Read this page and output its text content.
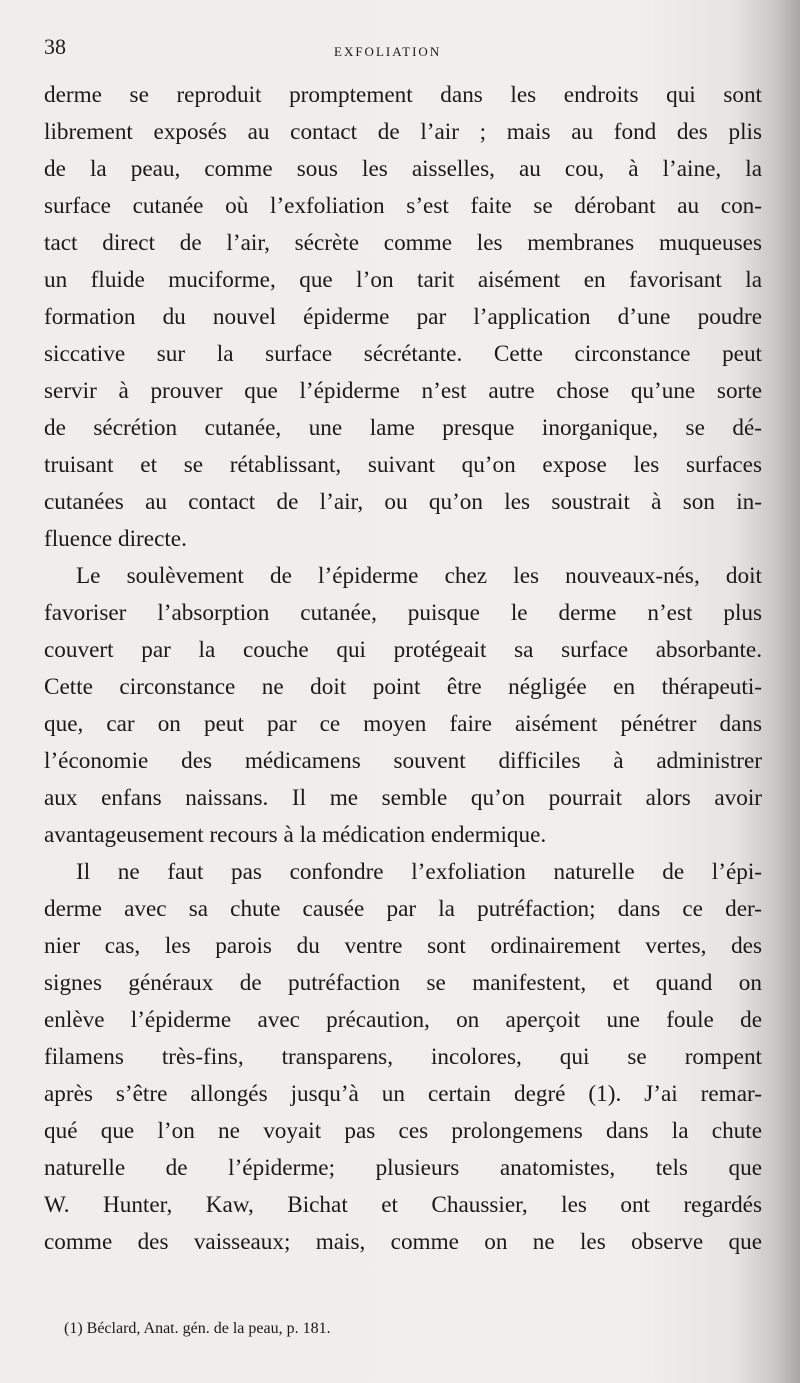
38	EXFOLIATION
derme se reproduit promptement dans les endroits qui sont
librement exposés au contact de l’air ; mais au fond des plis
de la peau, comme sous les aisselles, au cou, à l’aine, la
surface cutanée où l’exfoliation s’est faite se dérobant au con-
tact direct de l’air, sécrète comme les membranes muqueuses
un fluide muciforme, que l’on tarit aisément en favorisant la
formation du nouvel épiderme par l’application d’une poudre
siccative sur la surface sécrétante. Cette circonstance peut
servir à prouver que l’épiderme n’est autre chose qu’une sorte
de sécrétion cutanée, une lame presque inorganique, se dé-
truisant et se rétablissant, suivant qu’on expose les surfaces
cutanées au contact de l’air, ou qu’on les soustrait à son in-
fluence directe.
Le soulèvement de l’épiderme chez les nouveaux-nés, doit
favoriser l’absorption cutanée, puisque le derme n’est plus
couvert par la couche qui protégeait sa surface absorbante.
Cette circonstance ne doit point être négligée en thérapeuti-
que, car on peut par ce moyen faire aisément pénétrer dans
l’économie des médicamens souvent difficiles à administrer
aux enfans naissans. Il me semble qu’on pourrait alors avoir
avantageusement recours à la médication endermique.
Il ne faut pas confondre l’exfoliation naturelle de l’épi-
derme avec sa chute causée par la putréfaction; dans ce der-
nier cas, les parois du ventre sont ordinairement vertes, des
signes généraux de putréfaction se manifestent, et quand on
enlève l’épiderme avec précaution, on aperçoit une foule de
filamens très-fins, transparens, incolores, qui se rompent
après s’être allongés jusqu’à un certain degré (1). J’ai remar-
qué que l’on ne voyait pas ces prolongemens dans la chute
naturelle de l’épiderme; plusieurs anatomistes, tels que
W. Hunter, Kaw, Bichat et Chaussier, les ont regardés
comme des vaisseaux; mais, comme on ne les observe que
(1) Béclard, Anat. gén. de la peau, p. 181.
